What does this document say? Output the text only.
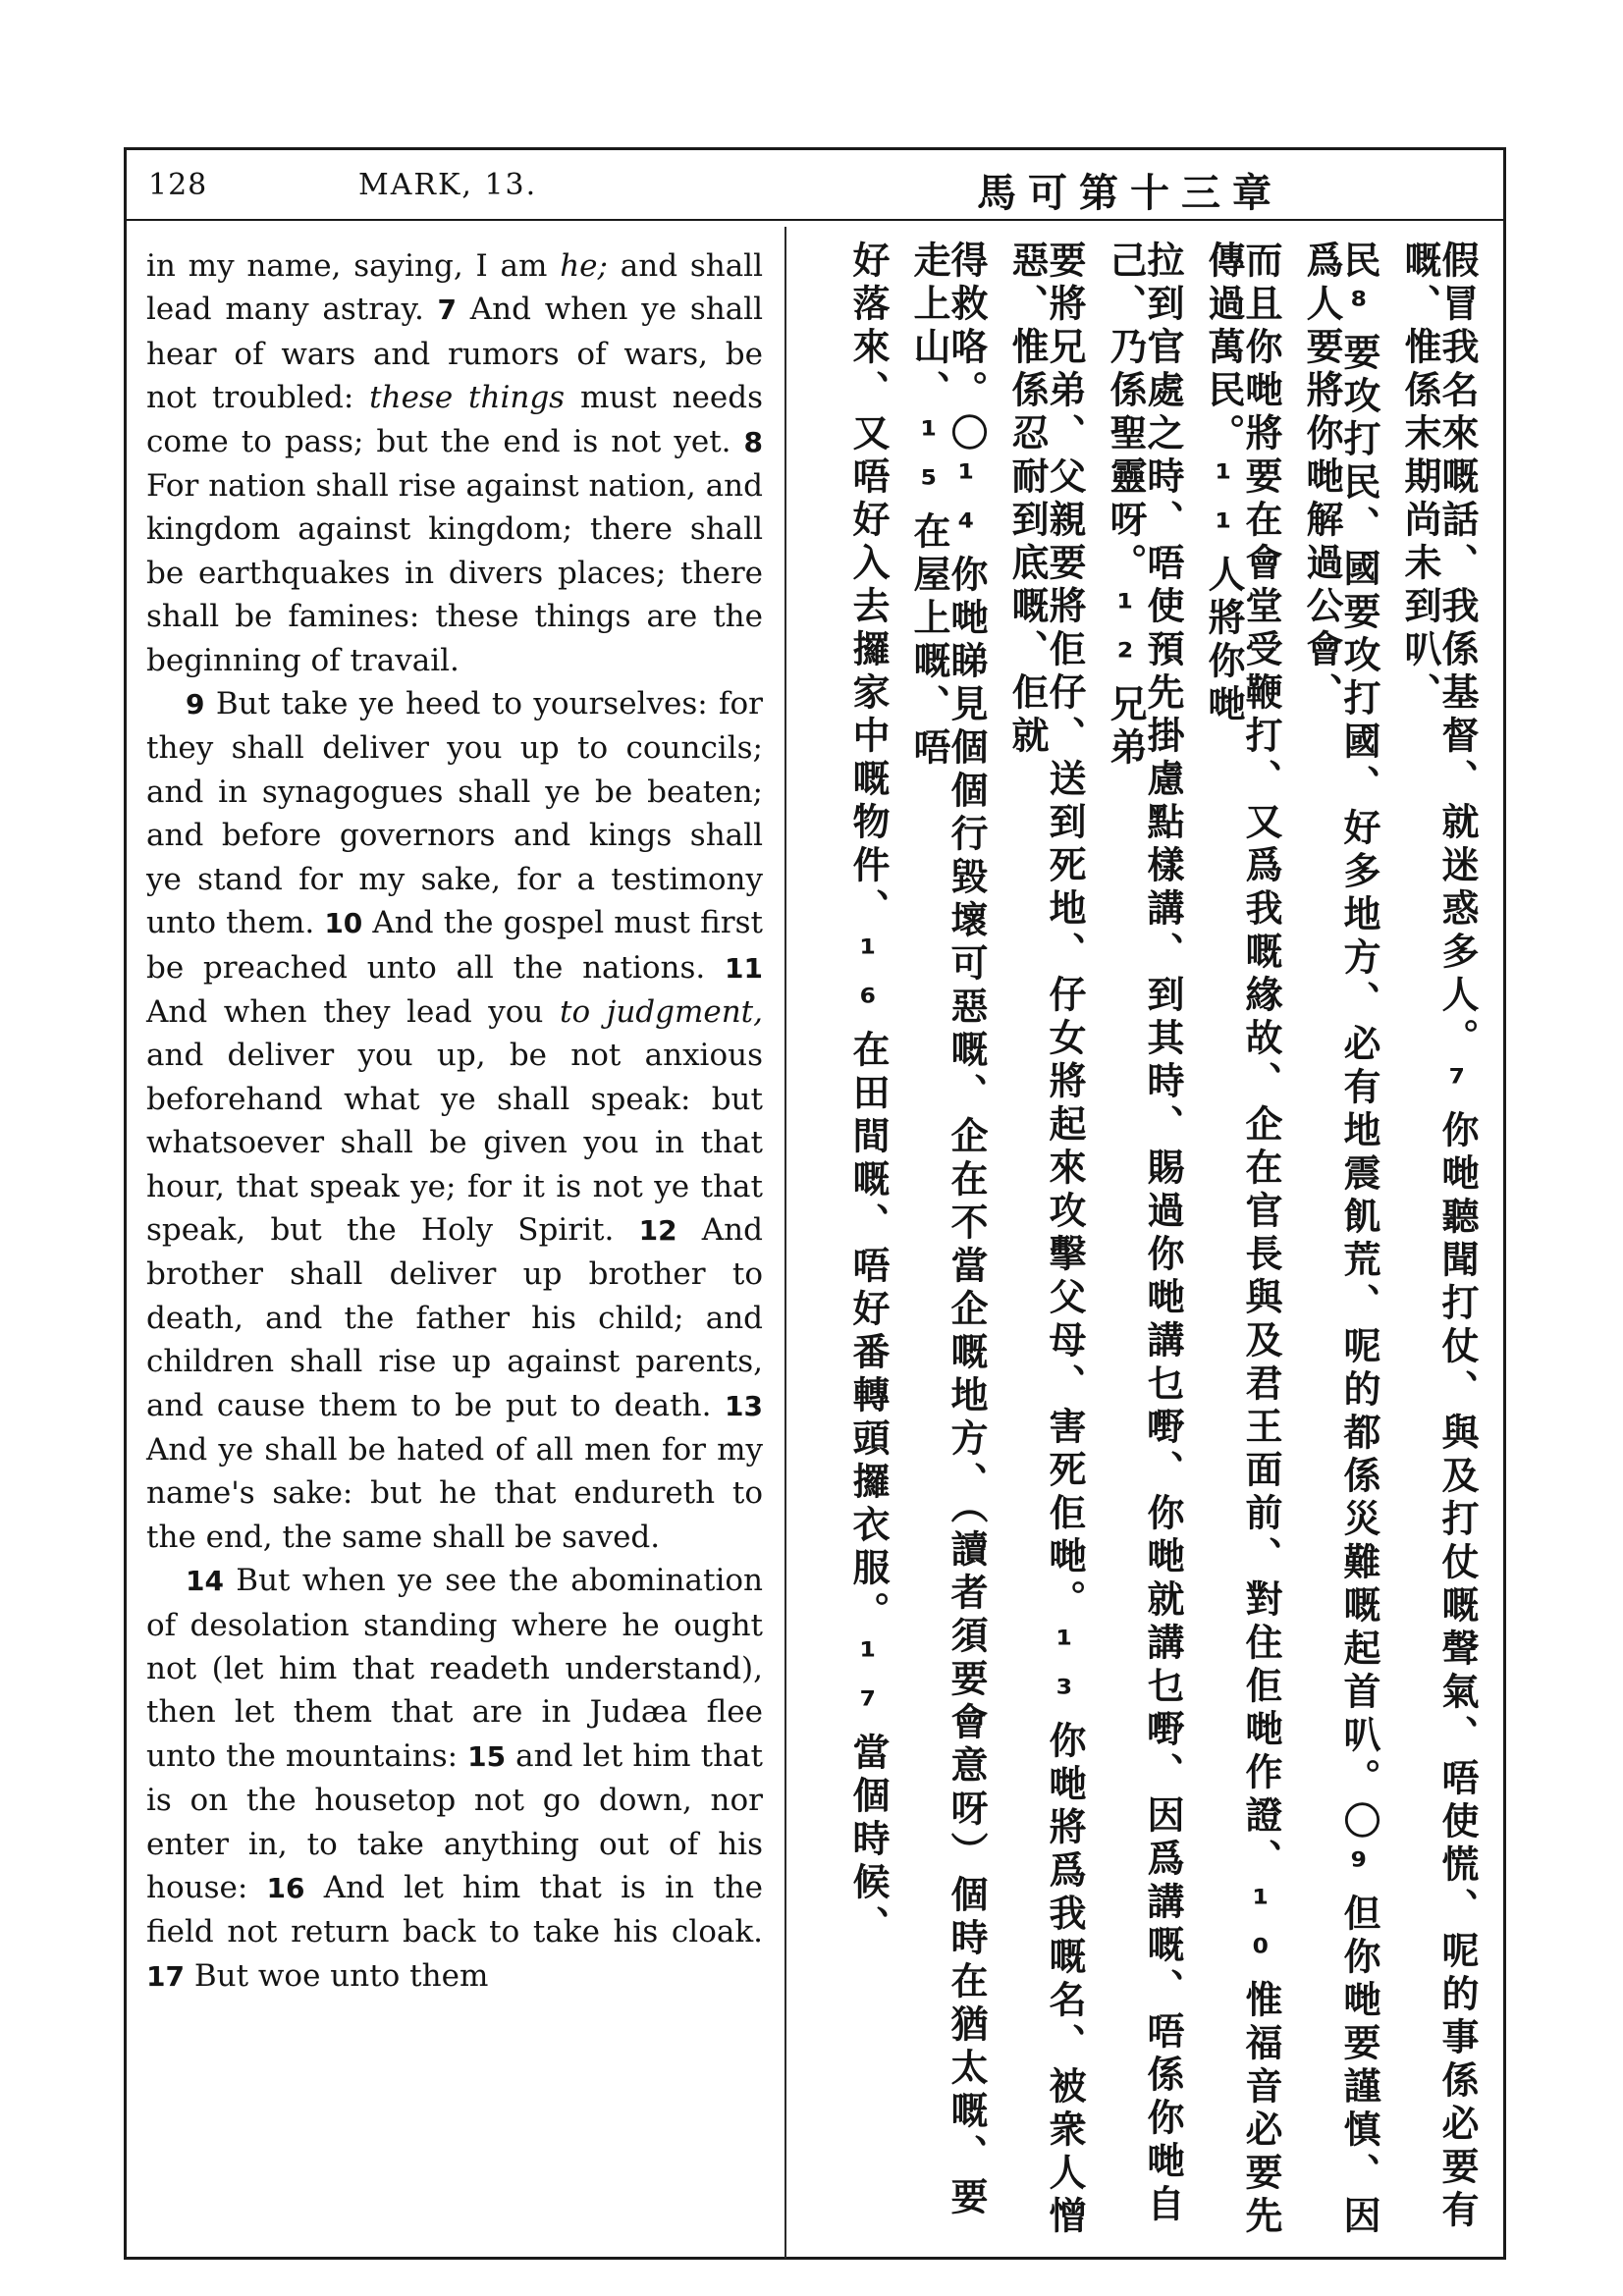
128	MARK, 13.	馬可第十三章

in my name, saying, I am he; and shall lead many astray. 7 And when ye shall hear of wars and rumors of wars, be not troubled: these things must needs come to pass; but the end is not yet. 8 For nation shall rise against nation, and kingdom against kingdom; there shall be earthquakes in divers places; there shall be famines: these things are the beginning of travail.

9 But take ye heed to yourselves: for they shall deliver you up to councils; and in synagogues shall ye be beaten; and before governors and kings shall ye stand for my sake, for a testimony unto them. 10 And the gospel must first be preached unto all the nations. 11 And when they lead you to judgment, and deliver you up, be not anxious beforehand what ye shall speak: but whatsoever shall be given you in that hour, that speak ye; for it is not ye that speak, but the Holy Spirit. 12 And brother shall deliver up brother to death, and the father his child; and children shall rise up against parents, and cause them to be put to death. 13 And ye shall be hated of all men for my name's sake: but he that endureth to the end, the same shall be saved.

14 But when ye see the abomination of desolation standing where he ought not (let him that readeth understand), then let them that are in Judæa flee unto the mountains: 15 and let him that is on the housetop not go down, nor enter in, to take anything out of his house: 16 And let him that is in the field not return back to take his cloak. 17 But woe unto them	假冒我名來嘅話、我係基督、就迷惑多人。⁷你哋聽聞打仗、與及打仗嘅聲氣、唔使慌、呢的事係必要有嘅、惟係末期尚未到叭、
民⁸要攻打民、國要攻打國、好多地方、必有地震飢荒、呢的都係災難嘅起首叭。〇⁹但你哋要謹慎、因爲人要將你哋解過公會、
而且你哋將要在會堂受鞭打、又爲我嘅緣故、企在官長與及君王面前、對住佢哋作證、¹⁰惟福音必要先傳過萬民。¹¹人將你哋
拉到官處之時、唔使預先掛慮點樣講、到其時、賜過你哋講乜嘢、你哋就講乜嘢、因爲講嘅、唔係你哋自己、乃係聖靈呀。¹²兄弟
要將兄弟、父親要將佢仔、送到死地、仔女將起來攻擊父母、害死佢哋。¹³你哋將爲我嘅名、被衆人憎惡、惟係忍耐到底嘅、佢就
得救咯。〇¹⁴你哋睇見個個行毀壞可惡嘅、企在不當企嘅地方、（讀者須要會意呀）個時在猶太嘅、要走上山、¹⁵在屋上嘅、唔
好落來、又唔好入去攞家中嘅物件、¹⁶在田間嘅、唔好番轉頭攞衣服。¹⁷當個時候、
